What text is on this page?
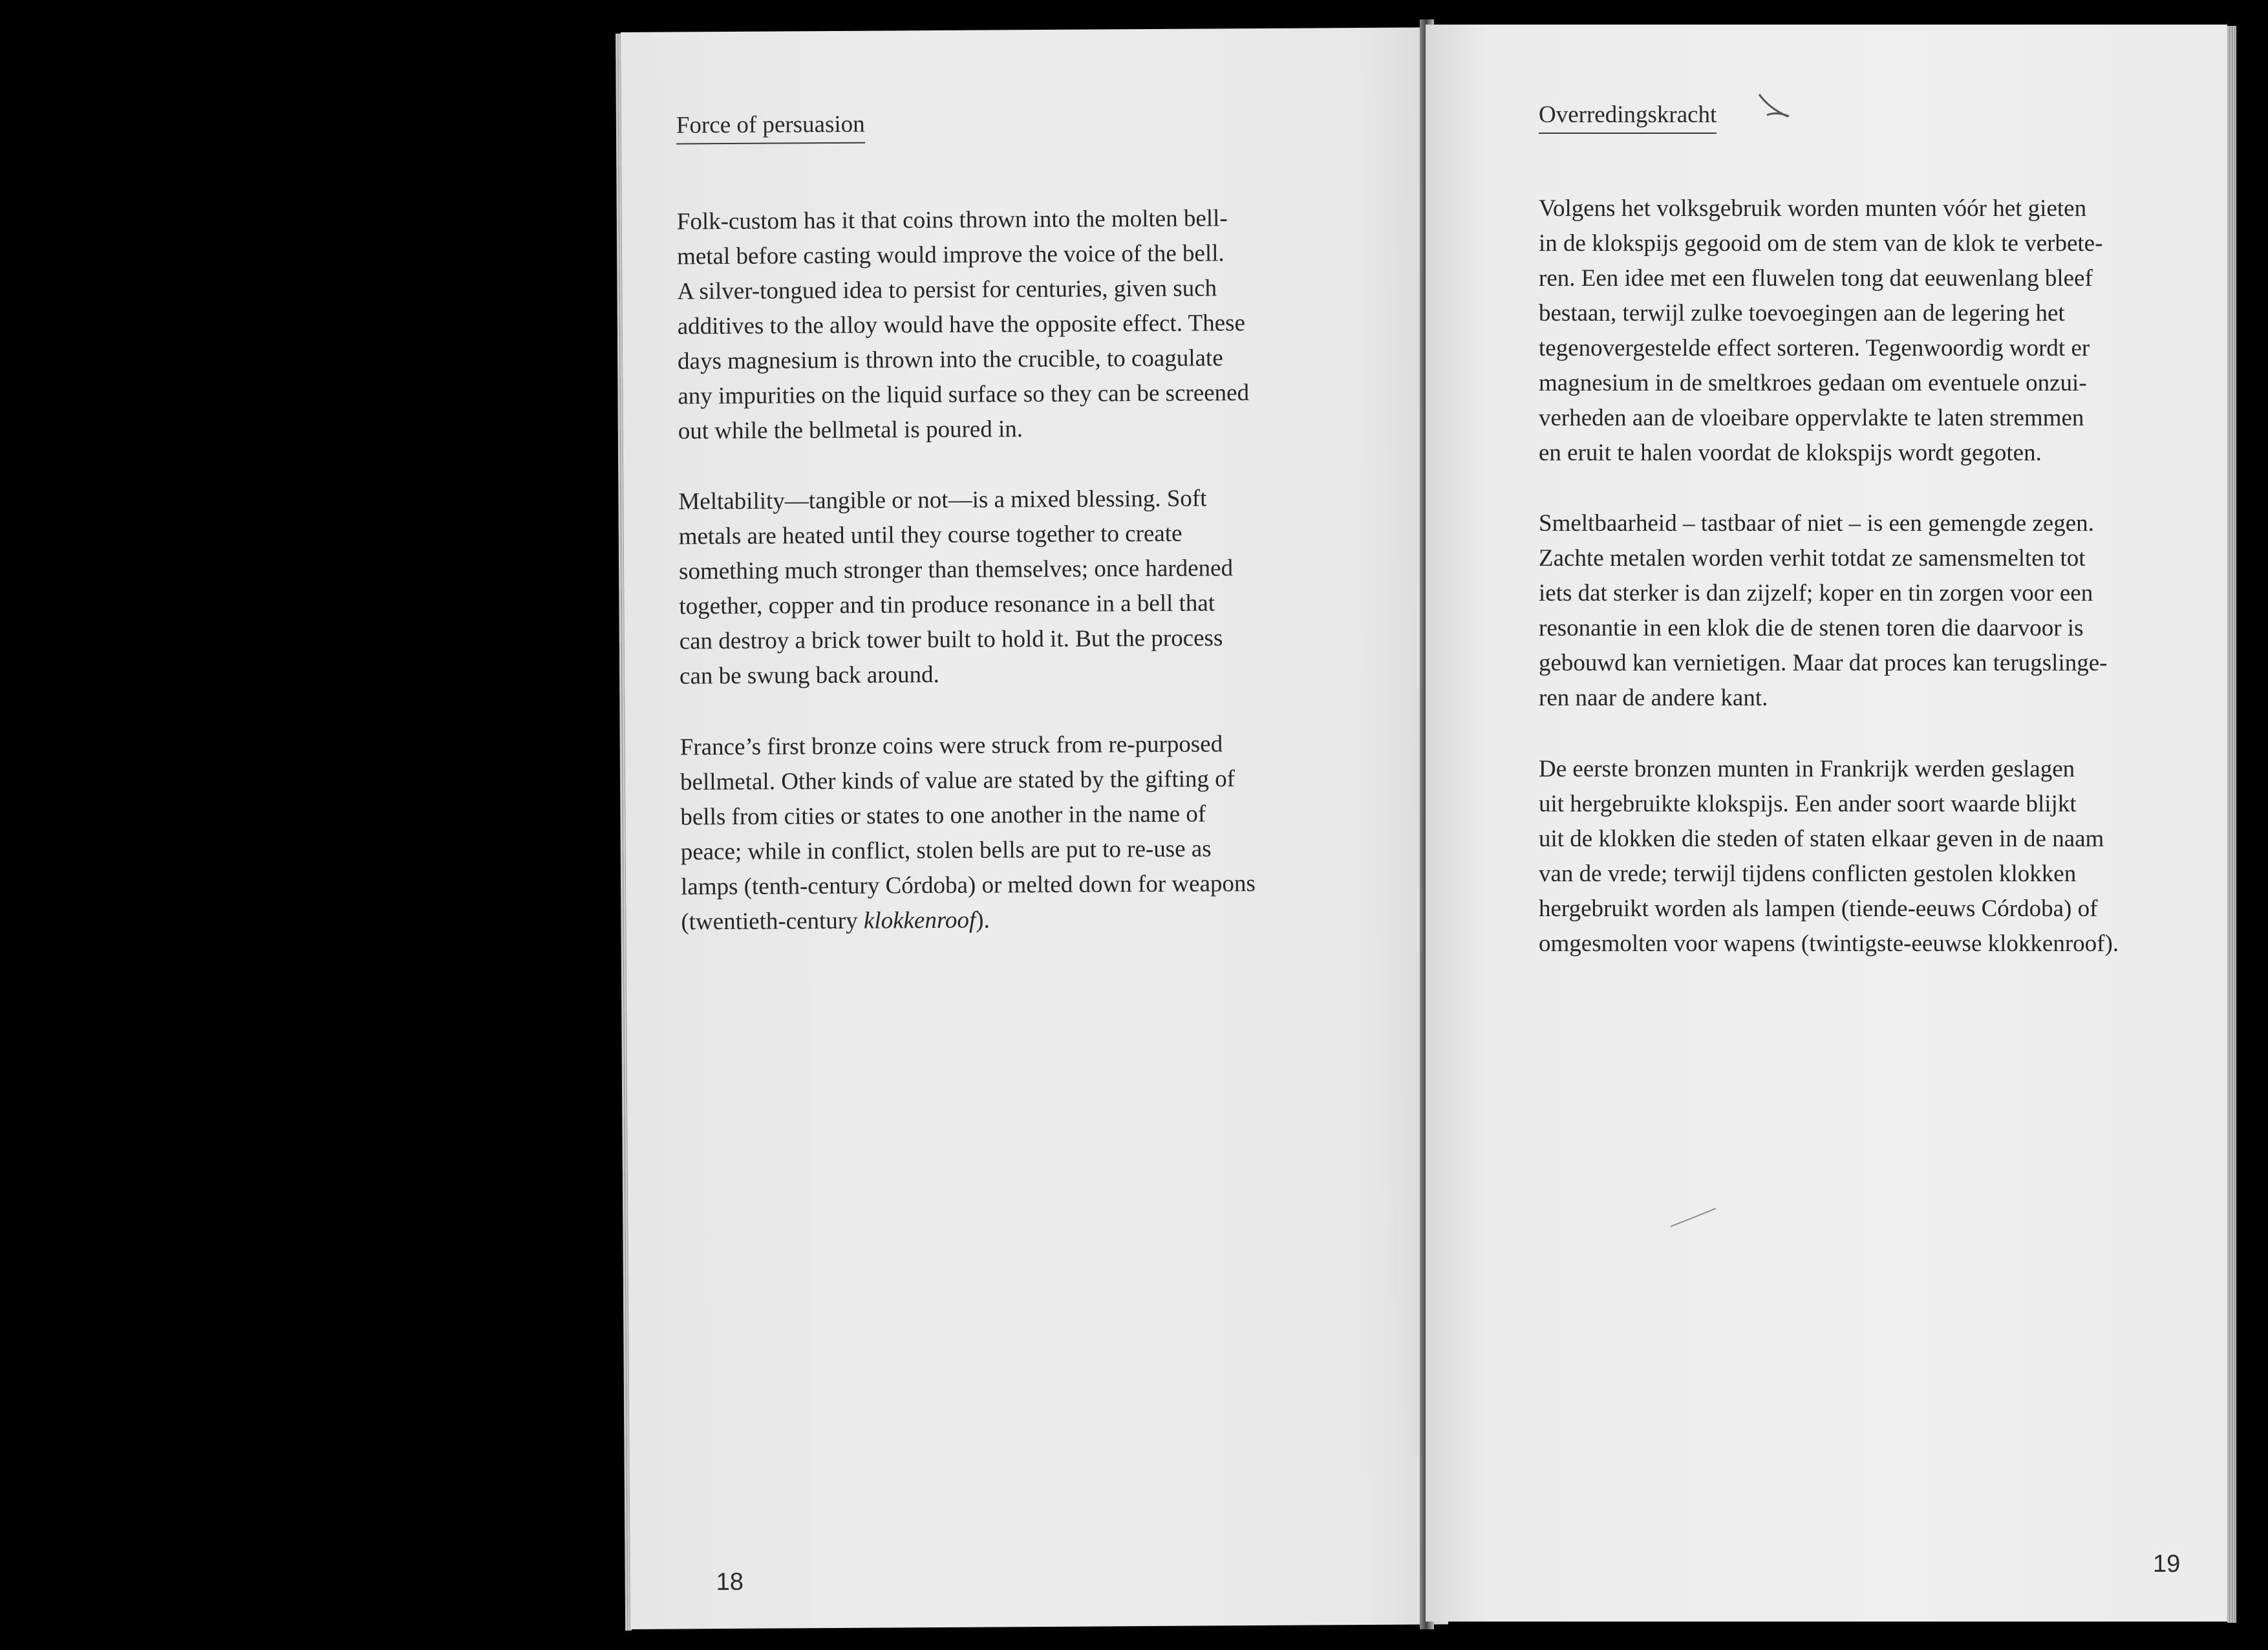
Force of persuasion
Folk-custom has it that coins thrown into the molten bell-
metal before casting would improve the voice of the bell.
A silver-tongued idea to persist for centuries, given such
additives to the alloy would have the opposite effect. These
days magnesium is thrown into the crucible, to coagulate
any impurities on the liquid surface so they can be screened
out while the bellmetal is poured in.
Meltability—tangible or not—is a mixed blessing. Soft
metals are heated until they course together to create
something much stronger than themselves; once hardened
together, copper and tin produce resonance in a bell that
can destroy a brick tower built to hold it. But the process
can be swung back around.
France’s first bronze coins were struck from re-purposed
bellmetal. Other kinds of value are stated by the gifting of
bells from cities or states to one another in the name of
peace; while in conflict, stolen bells are put to re-use as
lamps (tenth-century Córdoba) or melted down for weapons
(twentieth-century klokkenroof).
18
Overredingskracht
Volgens het volksgebruik worden munten vóór het gieten
in de klokspijs gegooid om de stem van de klok te verbete-
ren. Een idee met een fluwelen tong dat eeuwenlang bleef
bestaan, terwijl zulke toevoegingen aan de legering het
tegenovergestelde effect sorteren. Tegenwoordig wordt er
magnesium in de smeltkroes gedaan om eventuele onzui-
verheden aan de vloeibare oppervlakte te laten stremmen
en eruit te halen voordat de klokspijs wordt gegoten.
Smeltbaarheid – tastbaar of niet – is een gemengde zegen.
Zachte metalen worden verhit totdat ze samensmelten tot
iets dat sterker is dan zijzelf; koper en tin zorgen voor een
resonantie in een klok die de stenen toren die daarvoor is
gebouwd kan vernietigen. Maar dat proces kan terugslinge-
ren naar de andere kant.
De eerste bronzen munten in Frankrijk werden geslagen
uit hergebruikte klokspijs. Een ander soort waarde blijkt
uit de klokken die steden of staten elkaar geven in de naam
van de vrede; terwijl tijdens conflicten gestolen klokken
hergebruikt worden als lampen (tiende-eeuws Córdoba) of
omgesmolten voor wapens (twintigste-eeuwse klokkenroof).
19
